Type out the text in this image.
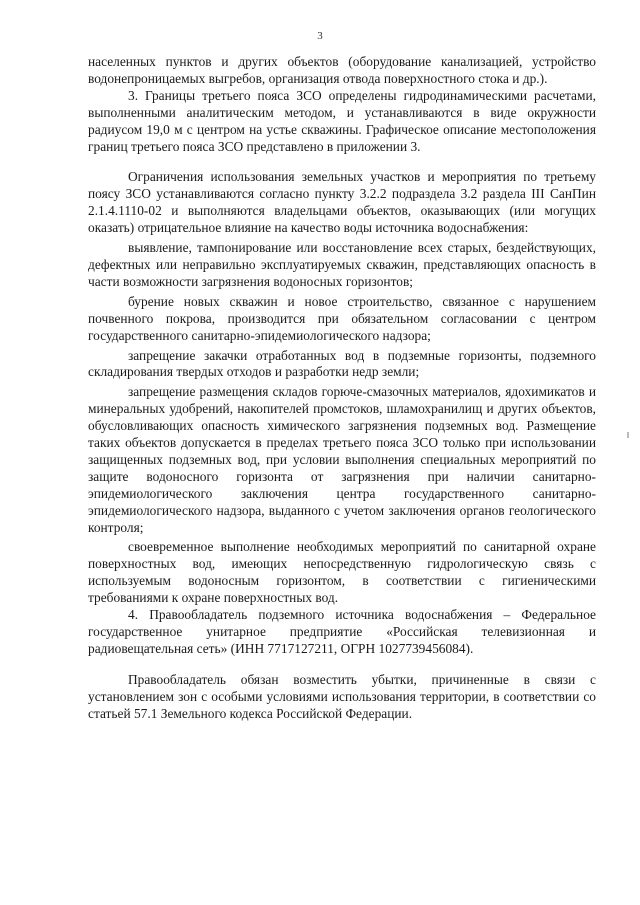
3

населенных пунктов и других объектов (оборудование канализацией, устройство водонепроницаемых выгребов, организация отвода поверхностного стока и др.).

3. Границы третьего пояса ЗСО определены гидродинамическими расчетами, выполненными аналитическим методом, и устанавливаются в виде окружности радиусом 19,0 м с центром на устье скважины. Графическое описание местоположения границ третьего пояса ЗСО представлено в приложении 3.

Ограничения использования земельных участков и мероприятия по третьему поясу ЗСО устанавливаются согласно пункту 3.2.2 подраздела 3.2 раздела III СанПин 2.1.4.1110-02 и выполняются владельцами объектов, оказывающих (или могущих оказать) отрицательное влияние на качество воды источника водоснабжения:

выявление, тампонирование или восстановление всех старых, бездействующих, дефектных или неправильно эксплуатируемых скважин, представляющих опасность в части возможности загрязнения водоносных горизонтов;

бурение новых скважин и новое строительство, связанное с нарушением почвенного покрова, производится при обязательном согласовании с центром государственного санитарно-эпидемиологического надзора;

запрещение закачки отработанных вод в подземные горизонты, подземного складирования твердых отходов и разработки недр земли;

запрещение размещения складов горюче-смазочных материалов, ядохимикатов и минеральных удобрений, накопителей промстоков, шламохранилищ и других объектов, обусловливающих опасность химического загрязнения подземных вод. Размещение таких объектов допускается в пределах третьего пояса ЗСО только при использовании защищенных подземных вод, при условии выполнения специальных мероприятий по защите водоносного горизонта от загрязнения при наличии санитарно-эпидемиологического заключения центра государственного санитарно-эпидемиологического надзора, выданного с учетом заключения органов геологического контроля;

своевременное выполнение необходимых мероприятий по санитарной охране поверхностных вод, имеющих непосредственную гидрологическую связь с используемым водоносным горизонтом, в соответствии с гигиеническими требованиями к охране поверхностных вод.

4. Правообладатель подземного источника водоснабжения – Федеральное государственное унитарное предприятие «Российская телевизионная и радиовещательная сеть» (ИНН 7717127211, ОГРН 1027739456084).

Правообладатель обязан возместить убытки, причиненные в связи с установлением зон с особыми условиями использования территории, в соответствии со статьей 57.1 Земельного кодекса Российской Федерации.
